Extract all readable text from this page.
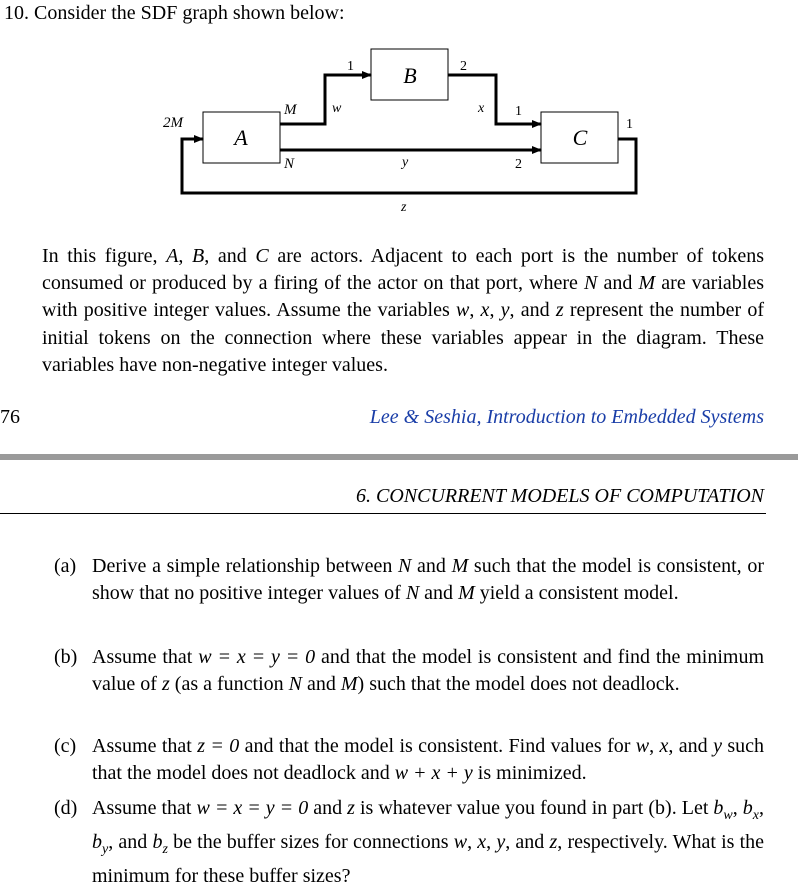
10. Consider the SDF graph shown below:
A
B
C
2M
M
N
1	2
1
2
1
w	x
y
z
In this figure, A, B, and C are actors. Adjacent to each port is the number of tokens consumed or produced by a firing of the actor on that port, where N and M are variables with positive integer values. Assume the variables w, x, y, and z represent the number of initial tokens on the connection where these variables appear in the diagram. These variables have non-negative integer values.
76	Lee & Seshia, Introduction to Embedded Systems
6. CONCURRENT MODELS OF COMPUTATION
(a) Derive a simple relationship between N and M such that the model is consistent, or show that no positive integer values of N and M yield a consistent model.
(b) Assume that w = x = y = 0 and that the model is consistent and find the minimum value of z (as a function N and M) such that the model does not deadlock.
(c) Assume that z = 0 and that the model is consistent. Find values for w, x, and y such that the model does not deadlock and w + x + y is minimized.
(d) Assume that w = x = y = 0 and z is whatever value you found in part (b). Let $b_w$, $b_x$, $b_y$, and $b_z$ be the buffer sizes for connections w, x, y, and z, respectively. What is the minimum for these buffer sizes?
